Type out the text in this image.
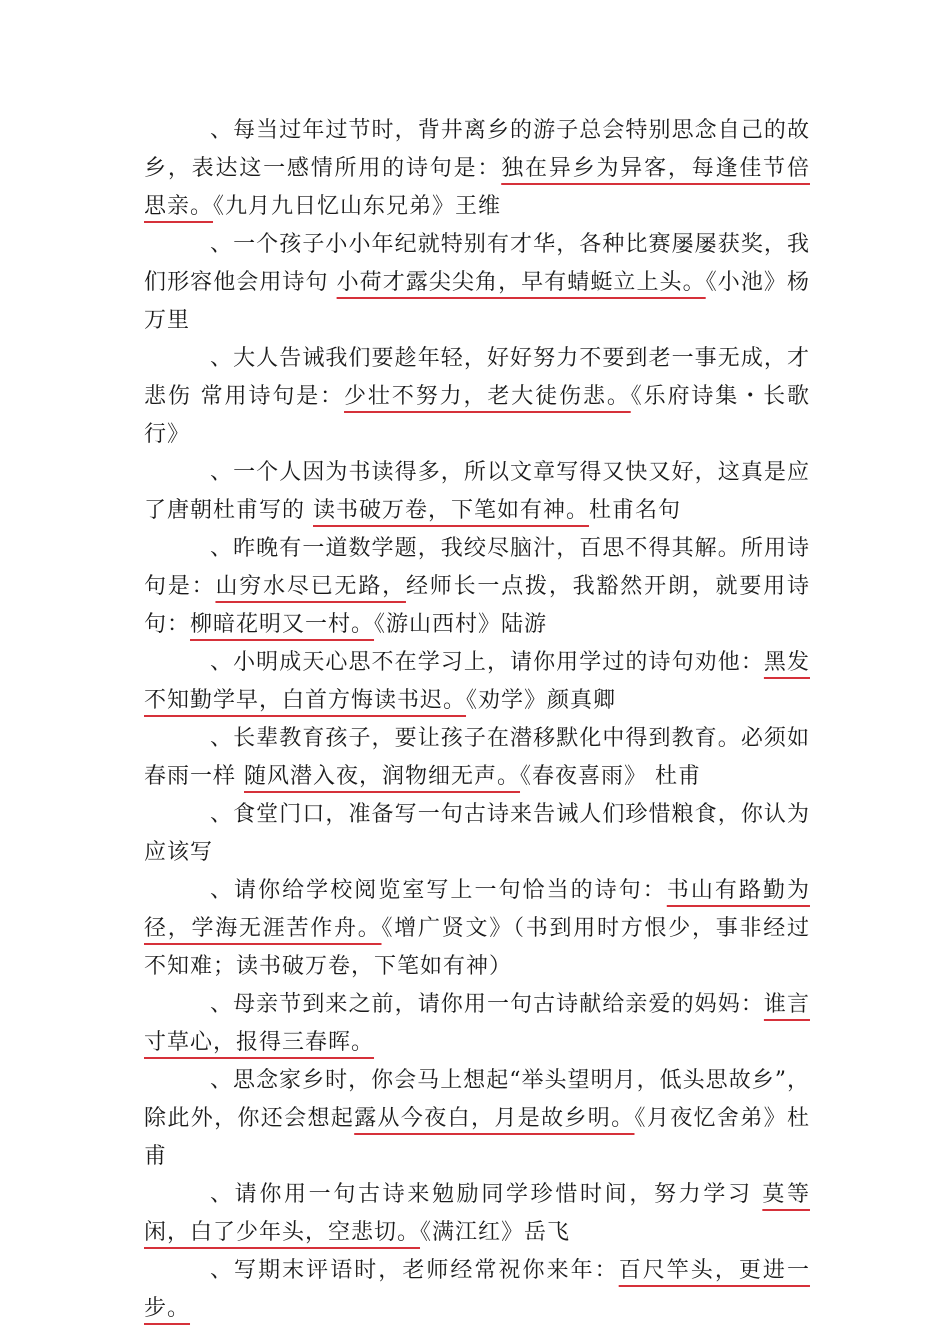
、每当过年过节时，背井离乡的游子总会特别思念自己的故乡，表达这一感情所用的诗句是：独在异乡为异客，每逢佳节倍思亲。《九月九日忆山东兄弟》王维

、一个孩子小小年纪就特别有才华，各种比赛屡屡获奖，我们形容他会用诗句 小荷才露尖尖角，早有蜻蜓立上头。《小池》杨万里

、大人告诫我们要趁年轻，好好努力不要到老一事无成，才悲伤 常用诗句是：少壮不努力，老大徒伤悲。《乐府诗集・长歌行》

、一个人因为书读得多，所以文章写得又快又好，这真是应了唐朝杜甫写的 读书破万卷，下笔如有神。杜甫名句

、昨晚有一道数学题，我绞尽脑汁，百思不得其解。所用诗句是：山穷水尽已无路，经师长一点拨，我豁然开朗，就要用诗句：柳暗花明又一村。《游山西村》陆游

、小明成天心思不在学习上，请你用学过的诗句劝他：黑发不知勤学早，白首方悔读书迟。《劝学》颜真卿

、长辈教育孩子，要让孩子在潜移默化中得到教育。必须如春雨一样 随风潜入夜，润物细无声。《春夜喜雨》 杜甫

、食堂门口，准备写一句古诗来告诫人们珍惜粮食，你认为应该写

、请你给学校阅览室写上一句恰当的诗句：书山有路勤为径，学海无涯苦作舟。《增广贤文》（书到用时方恨少，事非经过不知难；读书破万卷，下笔如有神）

、母亲节到来之前，请你用一句古诗献给亲爱的妈妈：谁言寸草心，报得三春晖。

、思念家乡时，你会马上想起“举头望明月，低头思故乡”，除此外，你还会想起露从今夜白，月是故乡明。《月夜忆舍弟》杜甫

、请你用一句古诗来勉励同学珍惜时间，努力学习 莫等闲，白了少年头，空悲切。《满江红》岳飞

、写期末评语时，老师经常祝你来年：百尺竿头，更进一步。
